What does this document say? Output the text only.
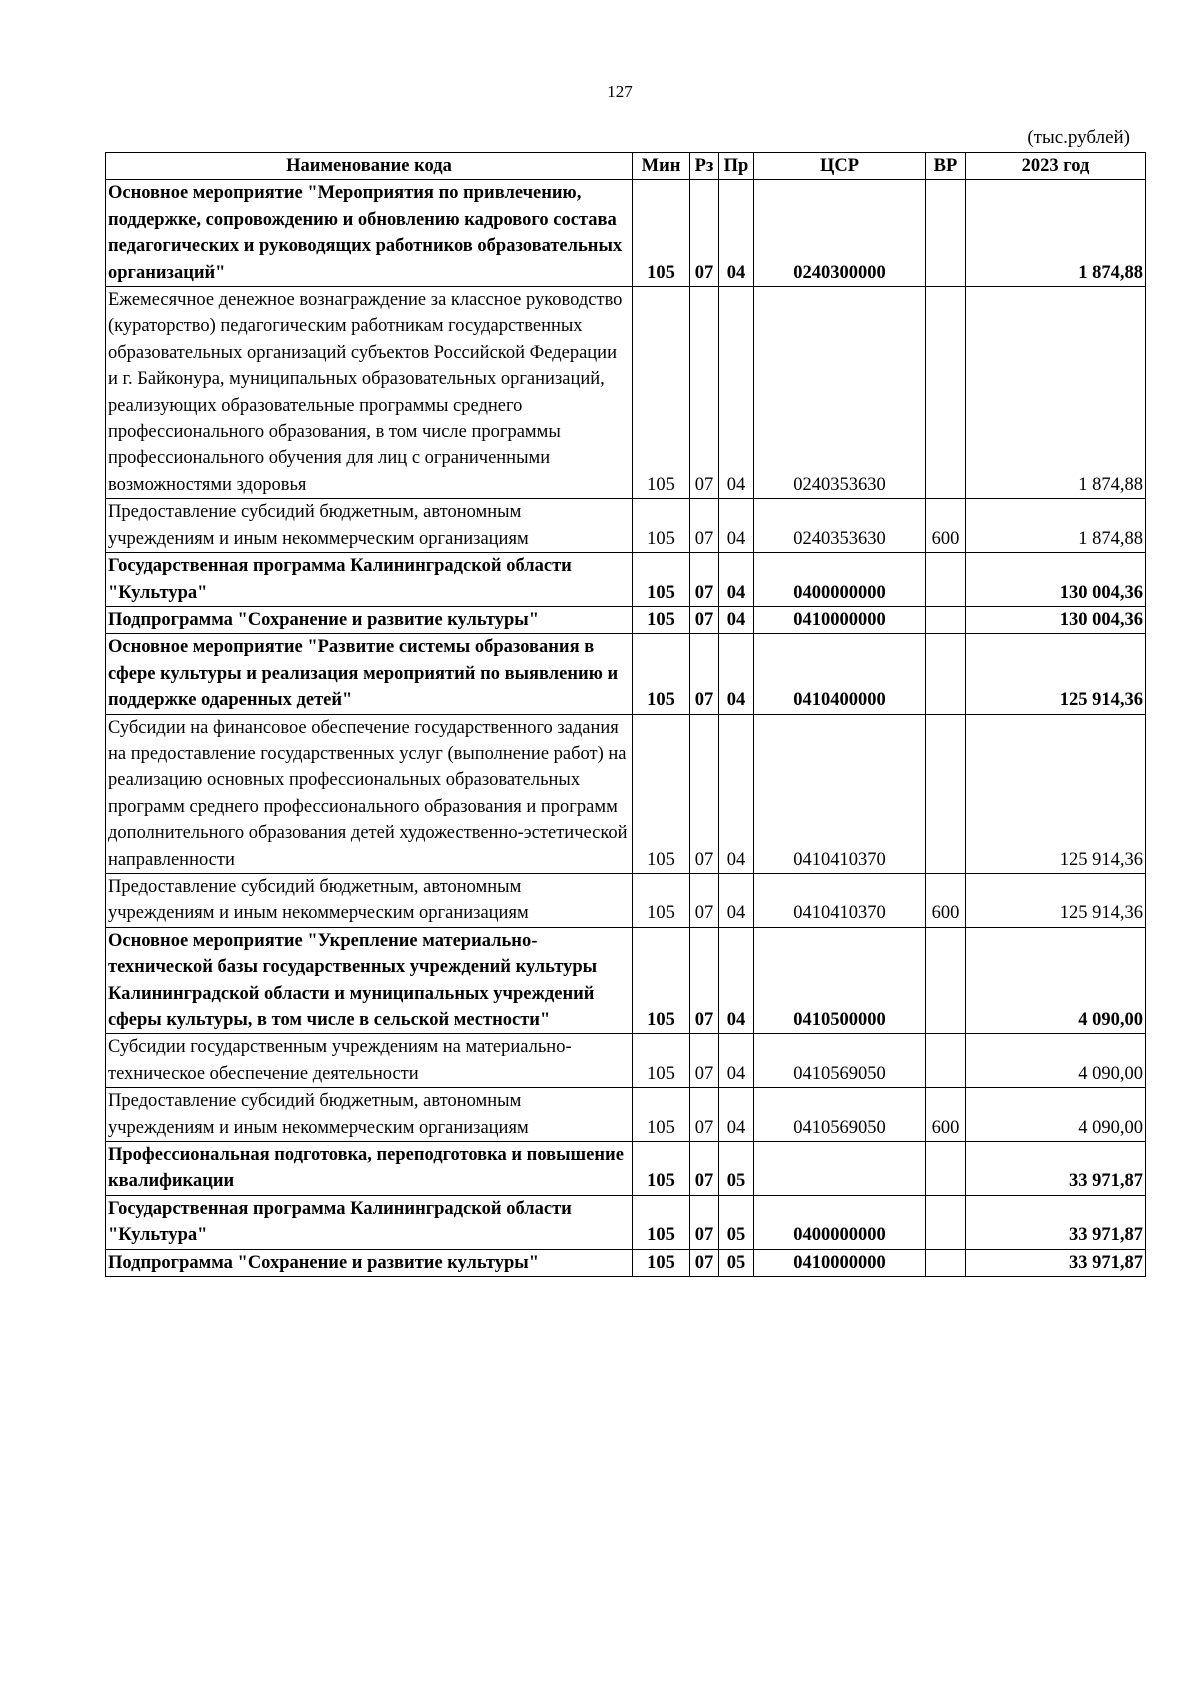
127
(тыс.рублей)
Наименование кода	Мин	Рз	Пр	ЦСР	ВР	2023 год
Основное мероприятие "Мероприятия по привлечению, поддержке, сопровождению и обновлению кадрового состава педагогических и руководящих работников образовательных организаций"	105	07	04	0240300000		1 874,88
Ежемесячное денежное вознаграждение за классное руководство (кураторство) педагогическим работникам государственных образовательных организаций субъектов Российской Федерации и г. Байконура, муниципальных образовательных организаций, реализующих образовательные программы среднего профессионального образования, в том числе программы профессионального обучения для лиц с ограниченными возможностями здоровья	105	07	04	0240353630		1 874,88
Предоставление субсидий бюджетным, автономным учреждениям и иным некоммерческим организациям	105	07	04	0240353630	600	1 874,88
Государственная программа Калининградской области "Культура"	105	07	04	0400000000		130 004,36
Подпрограмма "Сохранение и развитие культуры"	105	07	04	0410000000		130 004,36
Основное мероприятие "Развитие системы образования в сфере культуры и реализация мероприятий по выявлению и поддержке одаренных детей"	105	07	04	0410400000		125 914,36
Субсидии на финансовое обеспечение государственного задания на предоставление государственных услуг (выполнение работ) на реализацию основных профессиональных образовательных программ среднего профессионального образования и программ дополнительного образования детей художественно-эстетической направленности	105	07	04	0410410370		125 914,36
Предоставление субсидий бюджетным, автономным учреждениям и иным некоммерческим организациям	105	07	04	0410410370	600	125 914,36
Основное мероприятие "Укрепление материально-технической базы государственных учреждений культуры Калининградской области и муниципальных учреждений сферы культуры, в том числе в сельской местности"	105	07	04	0410500000		4 090,00
Субсидии государственным учреждениям на материально-техническое обеспечение деятельности	105	07	04	0410569050		4 090,00
Предоставление субсидий бюджетным, автономным учреждениям и иным некоммерческим организациям	105	07	04	0410569050	600	4 090,00
Профессиональная подготовка, переподготовка и повышение квалификации	105	07	05			33 971,87
Государственная программа Калининградской области "Культура"	105	07	05	0400000000		33 971,87
Подпрограмма "Сохранение и развитие культуры"	105	07	05	0410000000		33 971,87
